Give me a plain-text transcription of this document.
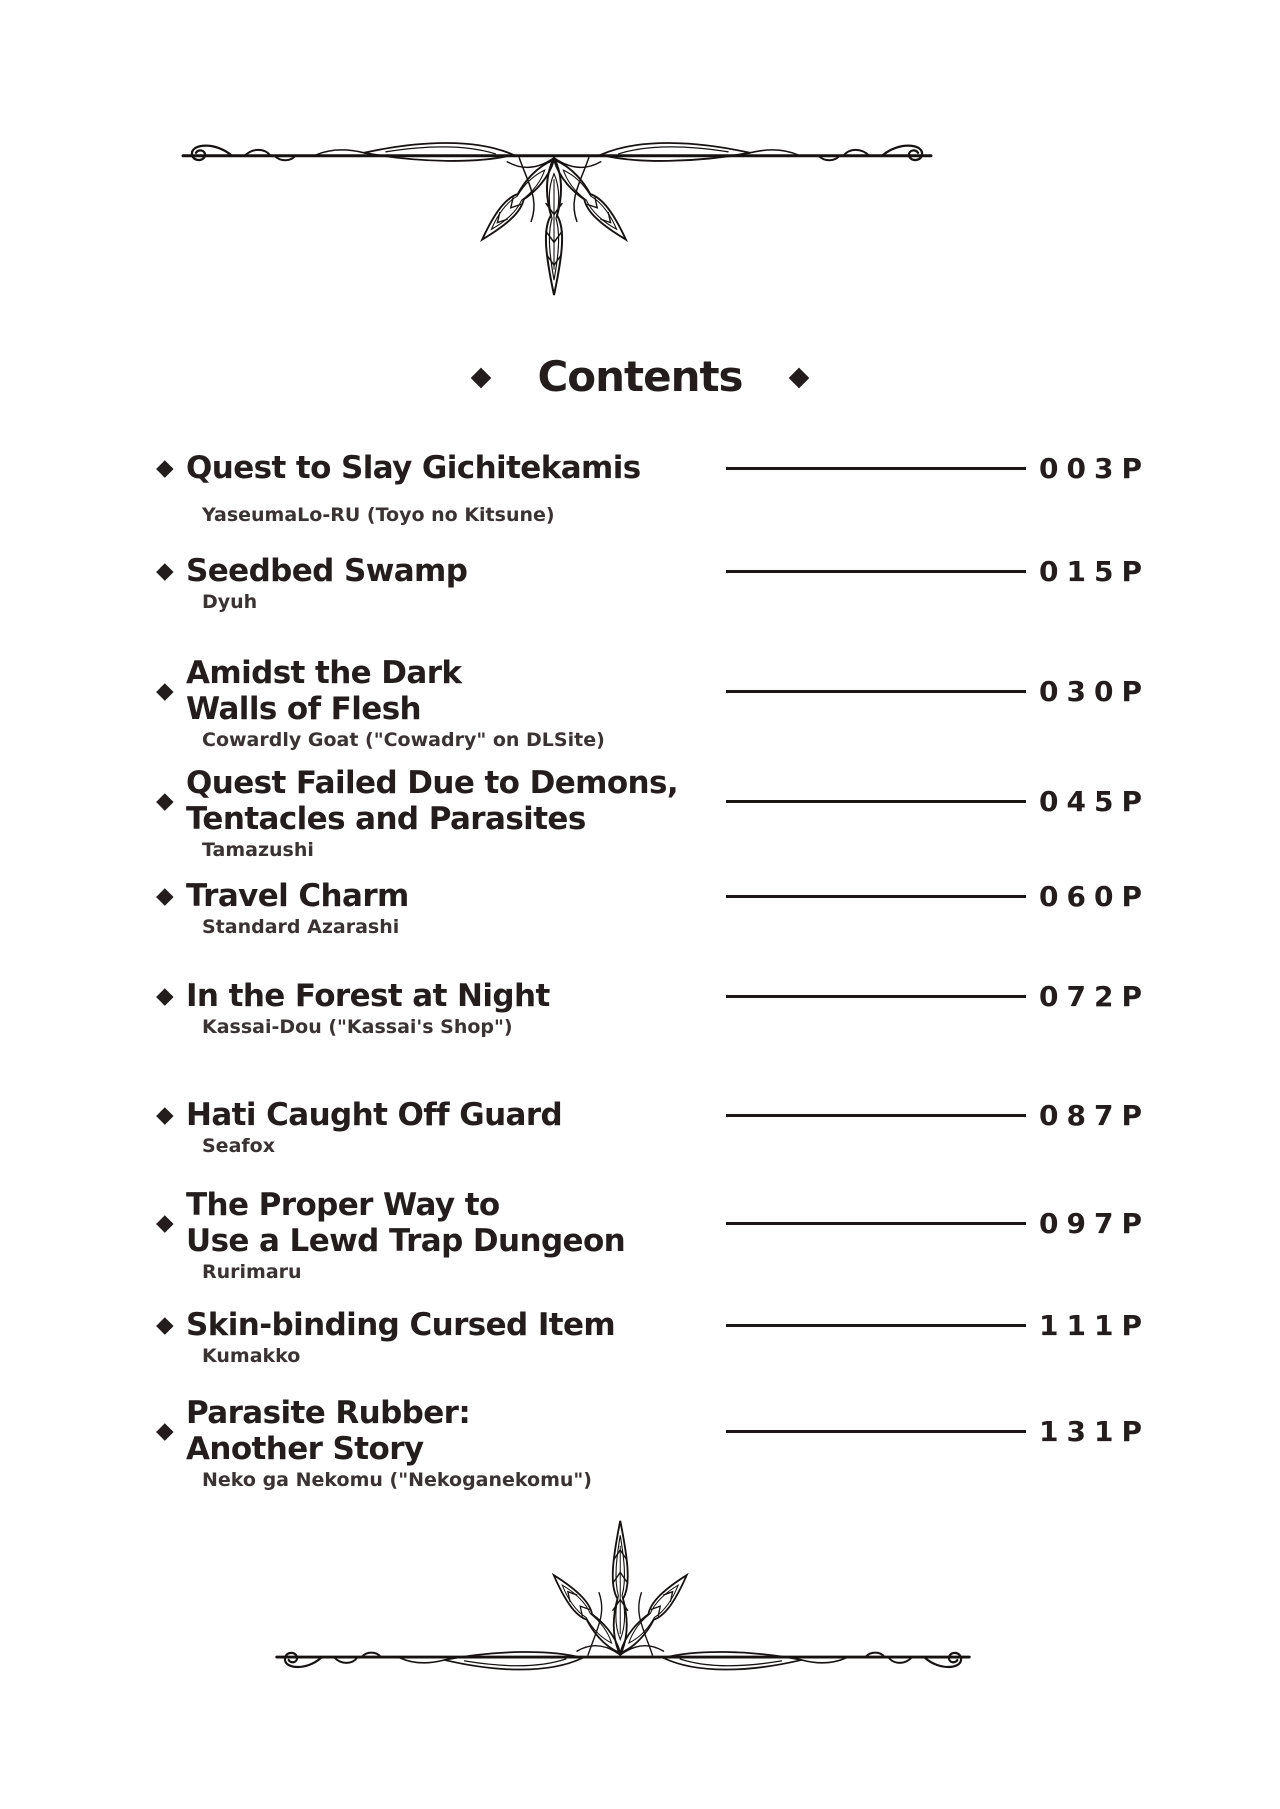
◆ Contents ◆
◆ Quest to Slay Gichitekamis	003P
YaseumaLo-RU (Toyo no Kitsune)
◆ Seedbed Swamp	015P
Dyuh
◆ Amidst the Dark
Walls of Flesh	030P
Cowardly Goat ("Cowadry" on DLSite)
◆ Quest Failed Due to Demons,
Tentacles and Parasites	045P
Tamazushi
◆ Travel Charm	060P
Standard Azarashi
◆ In the Forest at Night	072P
Kassai-Dou ("Kassai's Shop")
◆ Hati Caught Off Guard	087P
Seafox
◆ The Proper Way to
Use a Lewd Trap Dungeon	097P
Rurimaru
◆ Skin-binding Cursed Item	111P
Kumakko
◆ Parasite Rubber:
Another Story	131P
Neko ga Nekomu ("Nekoganekomu")
